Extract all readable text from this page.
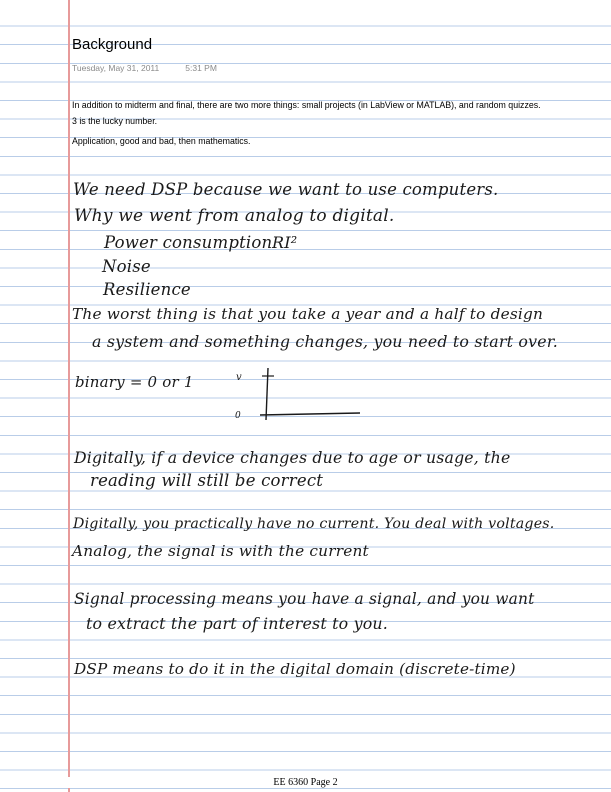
Background
Tuesday, May 31, 2011	5:31 PM
In addition to midterm and final, there are two more things: small projects (in LabView or MATLAB), and random quizzes. 3 is the lucky number.
Application, good and bad, then mathematics.
We need DSP because we want to use computers.
Why we went from analog to digital.
Power consumption RI²
Noise
Resilience
The worst thing is that you take a year and a half to design
a system and something changes, you need to start over.
binary = 0 or 1	v
0
Digitally, if a device changes due to age or usage, the
reading will still be correct
Digitally, you practically have no current. You deal with voltages.
Analog, the signal is with the current
Signal processing means you have a signal, and you want
to extract the part of interest to you.
DSP means to do it in the digital domain (discrete-time)
EE 6360 Page 2
